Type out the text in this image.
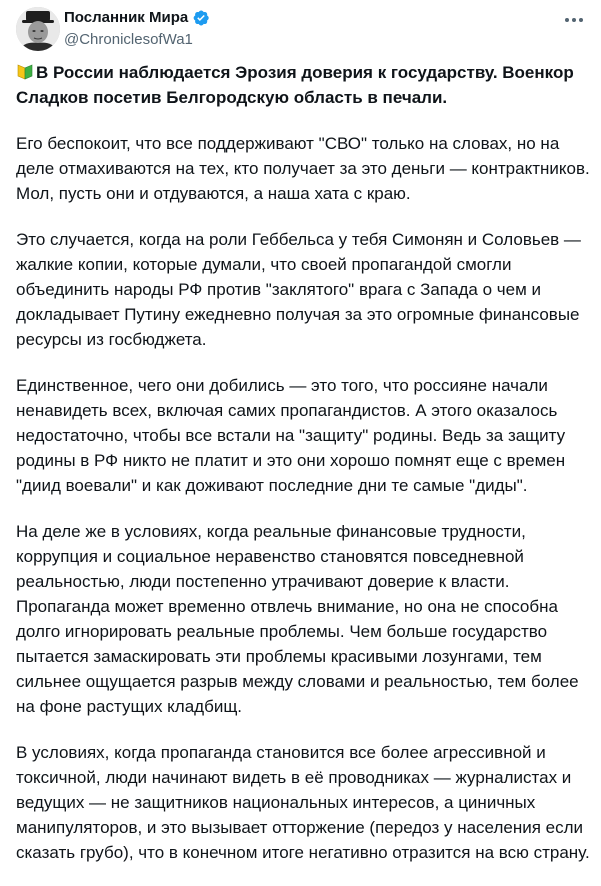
Посланник Мира
@ChroniclesofWa1

В России наблюдается Эрозия доверия к государству. Военкор Сладков посетив Белгородскую область в печали.

Его беспокоит, что все поддерживают "СВО" только на словах, но на деле отмахиваются на тех, кто получает за это деньги — контрактников. Мол, пусть они и отдуваются, а наша хата с краю.

Это случается, когда на роли Геббельса у тебя Симонян и Соловьев — жалкие копии, которые думали, что своей пропагандой смогли объединить народы РФ против "заклятого" врага с Запада о чем и докладывает Путину ежедневно получая за это огромные финансовые ресурсы из госбюджета.

Единственное, чего они добились — это того, что россияне начали ненавидеть всех, включая самих пропагандистов. А этого оказалось недостаточно, чтобы все встали на "защиту" родины. Ведь за защиту родины в РФ никто не платит и это они хорошо помнят еще с времен "диид воевали" и как доживают последние дни те самые "диды".

На деле же в условиях, когда реальные финансовые трудности, коррупция и социальное неравенство становятся повседневной реальностью, люди постепенно утрачивают доверие к власти. Пропаганда может временно отвлечь внимание, но она не способна долго игнорировать реальные проблемы. Чем больше государство пытается замаскировать эти проблемы красивыми лозунгами, тем сильнее ощущается разрыв между словами и реальностью, тем более на фоне растущих кладбищ.

В условиях, когда пропаганда становится все более агрессивной и токсичной, люди начинают видеть в её проводниках — журналистах и ведущих — не защитников национальных интересов, а циничных манипуляторов, и это вызывает отторжение (передоз у населения если сказать грубо), что в конечном итоге негативно отразится на всю страну.
